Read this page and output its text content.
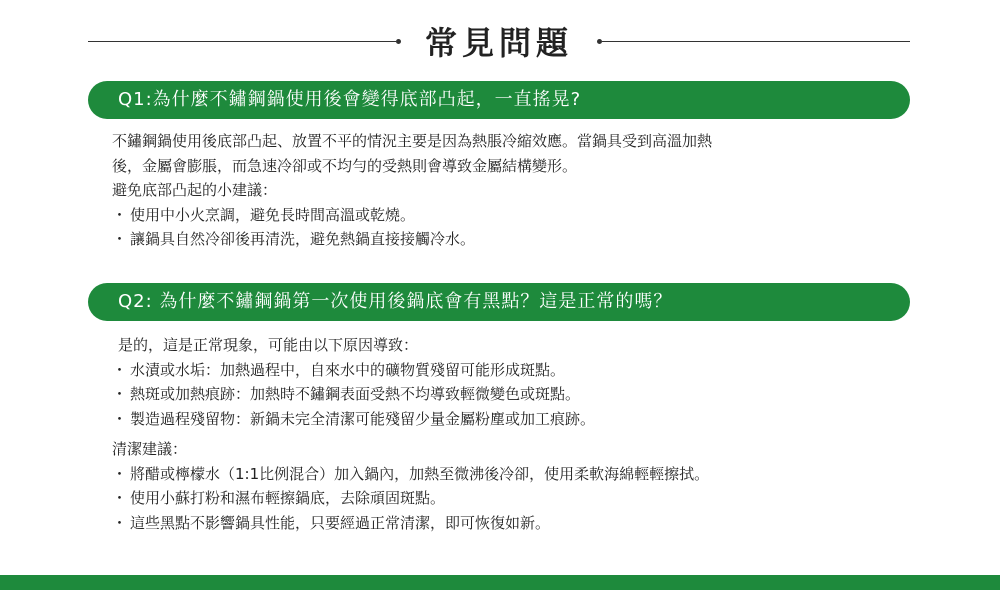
常見問題
Q1:為什麼不鏽鋼鍋使用後會變得底部凸起，一直搖晃?

不鏽鋼鍋使用後底部凸起、放置不平的情況主要是因為熱脹冷縮效應。當鍋具受到高溫加熱

後，金屬會膨脹，而急速冷卻或不均勻的受熱則會導致金屬結構變形。

避免底部凸起的小建議：

・ 使用中小火烹調，避免長時間高溫或乾燒。
・ 讓鍋具自然冷卻後再清洗，避免熱鍋直接接觸冷水。
Q2: 為什麼不鏽鋼鍋第一次使用後鍋底會有黑點？這是正常的嗎？

是的，這是正常現象，可能由以下原因導致：

・ 水漬或水垢：加熱過程中，自來水中的礦物質殘留可能形成斑點。
・ 熱斑或加熱痕跡：加熱時不鏽鋼表面受熱不均導致輕微變色或斑點。
・ 製造過程殘留物：新鍋未完全清潔可能殘留少量金屬粉塵或加工痕跡。

清潔建議：

・ 將醋或檸檬水（1:1比例混合）加入鍋內，加熱至微沸後冷卻，使用柔軟海綿輕輕擦拭。
・ 使用小蘇打粉和濕布輕擦鍋底，去除頑固斑點。
・ 這些黑點不影響鍋具性能，只要經過正常清潔，即可恢復如新。
